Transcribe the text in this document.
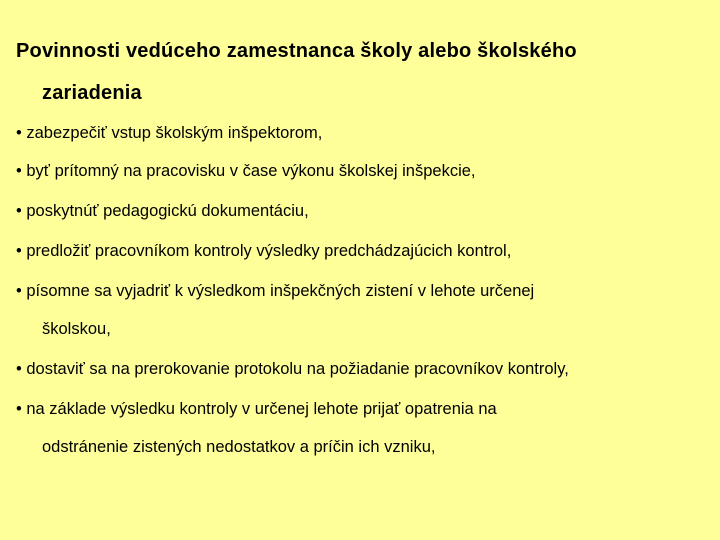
Povinnosti vedúceho zamestnanca školy alebo školského
zariadenia
• zabezpečiť vstup školským inšpektorom,
• byť prítomný na pracovisku v čase výkonu školskej inšpekcie,
• poskytnúť pedagogickú dokumentáciu,
• predložiť pracovníkom kontroly výsledky predchádzajúcich kontrol,
• písomne sa vyjadriť k výsledkom inšpekčných zistení v lehote určenej
školskou,
• dostaviť sa na prerokovanie protokolu na požiadanie pracovníkov kontroly,
• na základe výsledku kontroly v určenej lehote prijať opatrenia na
odstránenie zistených nedostatkov a príčin ich vzniku,
